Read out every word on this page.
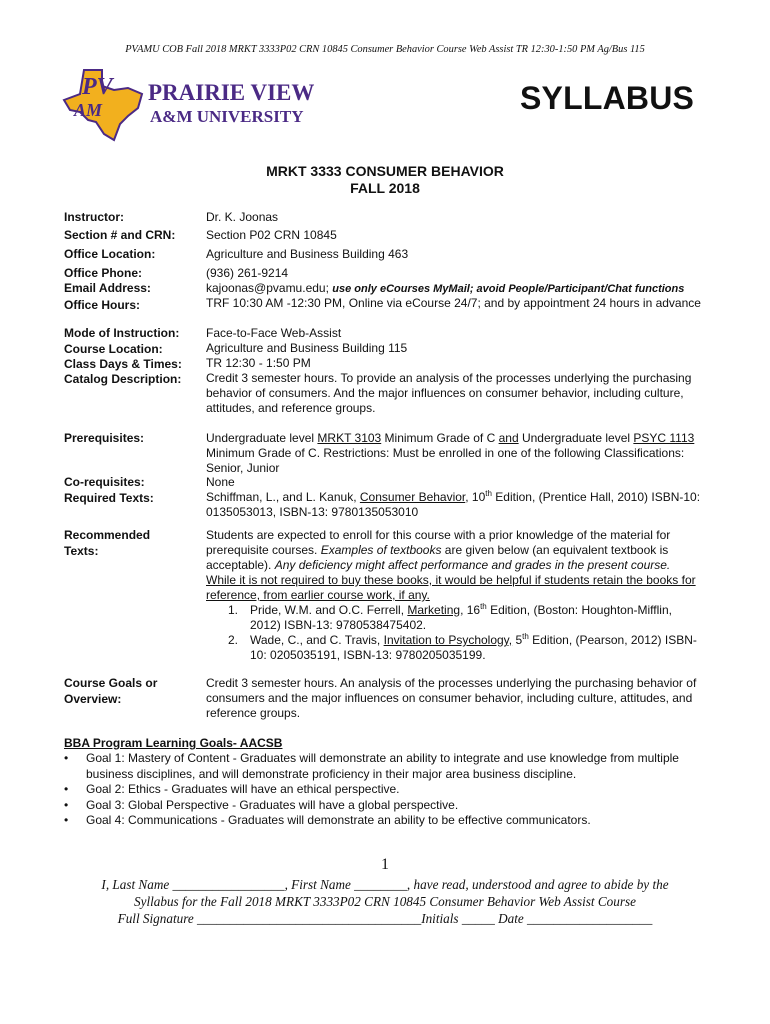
PVAMU COB Fall 2018 MRKT 3333P02 CRN 10845 Consumer Behavior Course Web Assist TR 12:30-1:50 PM Ag/Bus 115
PV
AM
PRAIRIE VIEW
A&M UNIVERSITY
SYLLABUS
MRKT 3333 CONSUMER BEHAVIOR
FALL 2018
Instructor:	Dr. K. Joonas
Section # and CRN:	Section P02 CRN 10845
Office Location:	Agriculture and Business Building 463
Office Phone:	(936) 261-9214
Email Address:	kajoonas@pvamu.edu; use only eCourses MyMail; avoid People/Participant/Chat functions
Office Hours:	TRF 10:30 AM -12:30 PM, Online via eCourse 24/7; and by appointment 24 hours in advance
Mode of Instruction: Face-to-Face Web-Assist
Course Location:	Agriculture and Business Building 115
Class Days & Times: TR 12:30 - 1:50 PM
Catalog Description: Credit 3 semester hours. To provide an analysis of the processes underlying the purchasing behavior of consumers. And the major influences on consumer behavior, including culture, attitudes, and reference groups.
Prerequisites:	Undergraduate level MRKT 3103 Minimum Grade of C and Undergraduate level PSYC 1113 Minimum Grade of C. Restrictions: Must be enrolled in one of the following Classifications: Senior, Junior
Co-requisites:	None
Required Texts:	Schiffman, L., and L. Kanuk, Consumer Behavior, 10th Edition, (Prentice Hall, 2010) ISBN-10: 0135053013, ISBN-13: 9780135053010
Recommended
Texts:

Students are expected to enroll for this course with a prior knowledge of the material for prerequisite courses. Examples of textbooks are given below (an equivalent textbook is acceptable). Any deficiency might affect performance and grades in the present course. While it is not required to buy these books, it would be helpful if students retain the books for reference, from earlier course work, if any.

1. Pride, W.M. and O.C. Ferrell, Marketing, 16th Edition, (Boston: Houghton-Mifflin, 2012) ISBN-13: 9780538475402.

2. Wade, C., and C. Travis, Invitation to Psychology, 5th Edition, (Pearson, 2012) ISBN-10: 0205035191, ISBN-13: 9780205035199.

Course Goals or
Overview:
Credit 3 semester hours. An analysis of the processes underlying the purchasing behavior of consumers and the major influences on consumer behavior, including culture, attitudes, and reference groups.
BBA Program Learning Goals- AACSB
• Goal 1: Mastery of Content - Graduates will demonstrate an ability to integrate and use knowledge from multiple business disciplines, and will demonstrate proficiency in their major area business discipline.
• Goal 2: Ethics - Graduates will have an ethical perspective.
• Goal 3: Global Perspective - Graduates will have a global perspective.
• Goal 4: Communications - Graduates will demonstrate an ability to be effective communicators.
1
I, Last Name _________________, First Name ________, have read, understood and agree to abide by the
Syllabus for the Fall 2018 MRKT 3333P02 CRN 10845 Consumer Behavior Web Assist Course
Full Signature __________________________________Initials _____ Date ___________________
